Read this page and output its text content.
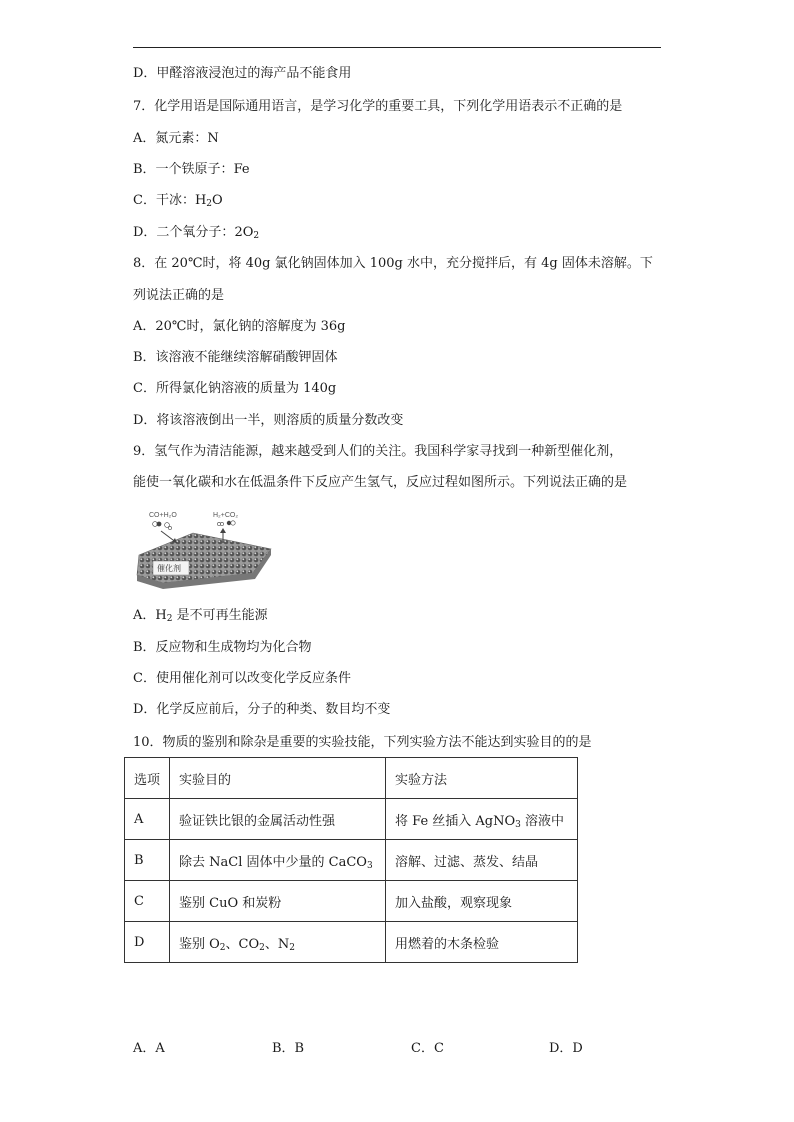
D．甲醛溶液浸泡过的海产品不能食用
7．化学用语是国际通用语言，是学习化学的重要工具，下列化学用语表示不正确的是
A．氮元素：N
B．一个铁原子：Fe
C．干冰：$H_2O$
D．二个氧分子：$2O_2$
8．在 20℃时，将 40g 氯化钠固体加入 100g 水中，充分搅拌后，有 4g 固体未溶解。下
列说法正确的是
A．20℃时，氯化钠的溶解度为 36g
B．该溶液不能继续溶解硝酸钾固体
C．所得氯化钠溶液的质量为 140g
D．将该溶液倒出一半，则溶质的质量分数改变
9．氢气作为清洁能源，越来越受到人们的关注。我国科学家寻找到一种新型催化剂，
能使一氧化碳和水在低温条件下反应产生氢气，反应过程如图所示。下列说法正确的是
CO+H₂O	H₂+CO₂
催化剂
A．$H_2$ 是不可再生能源
B．反应物和生成物均为化合物
C．使用催化剂可以改变化学反应条件
D．化学反应前后，分子的种类、数目均不变
10．物质的鉴别和除杂是重要的实验技能，下列实验方法不能达到实验目的的是
选项	实验目的	实验方法
A	验证铁比银的金属活动性强	将 Fe 丝插入 AgNO$_3$ 溶液中
B	除去 NaCl 固体中少量的 CaCO$_3$	溶解、过滤、蒸发、结晶
C	鉴别 CuO 和炭粉	加入盐酸，观察现象
D	鉴别 $O_2$、$CO_2$、$N_2$	用燃着的木条检验
A．A	B．B	C．C	D．D
